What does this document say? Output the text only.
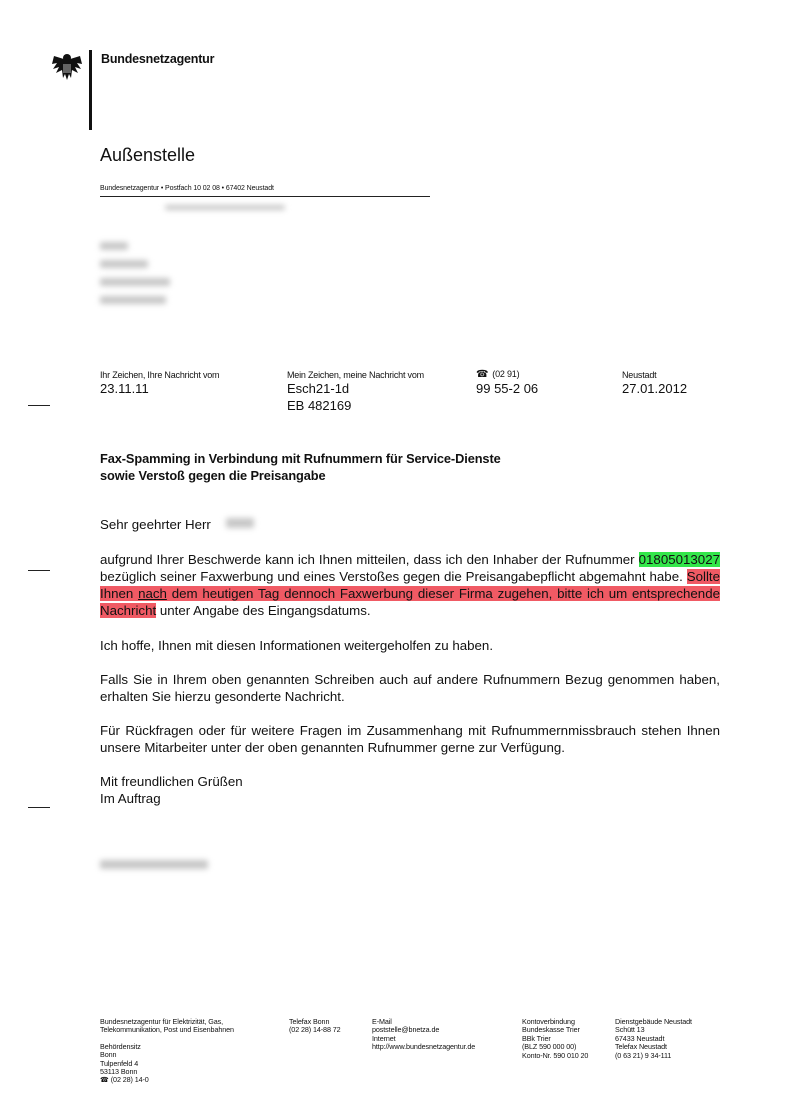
Bundesnetzagentur
Außenstelle
Bundesnetzagentur • Postfach 10 02 08 • 67402 Neustadt
Ihr Zeichen, Ihre Nachricht vom
23.11.11
Mein Zeichen, meine Nachricht vom
Esch21-1d
EB 482169
☎ (02 91)
99 55-2 06
Neustadt
27.01.2012
Fax-Spamming in Verbindung mit Rufnummern für Service-Dienste
sowie Verstoß gegen die Preisangabe
Sehr geehrter Herr
aufgrund Ihrer Beschwerde kann ich Ihnen mitteilen, dass ich den Inhaber der Rufnummer 01805013027 bezüglich seiner Faxwerbung und eines Verstoßes gegen die Preisangabepflicht abgemahnt habe. Sollte Ihnen nach dem heutigen Tag dennoch Faxwerbung dieser Firma zugehen, bitte ich um entsprechende Nachricht unter Angabe des Eingangsdatums.
Ich hoffe, Ihnen mit diesen Informationen weitergeholfen zu haben.
Falls Sie in Ihrem oben genannten Schreiben auch auf andere Rufnummern Bezug genommen haben, erhalten Sie hierzu gesonderte Nachricht.
Für Rückfragen oder für weitere Fragen im Zusammenhang mit Rufnummernmissbrauch stehen Ihnen unsere Mitarbeiter unter der oben genannten Rufnummer gerne zur Verfügung.
Mit freundlichen Grüßen
Im Auftrag
Bundesnetzagentur für Elektrizität, Gas,
Telekommunikation, Post und Eisenbahnen
Behördensitz
Bonn
Tulpenfeld 4
53113 Bonn
☎ (02 28) 14-0
Telefax Bonn
(02 28) 14-88 72
E-Mail
poststelle@bnetza.de
Internet
http://www.bundesnetzagentur.de
Kontoverbindung
Bundeskasse Trier
BBk Trier
(BLZ 590 000 00)
Konto-Nr. 590 010 20
Dienstgebäude Neustadt
Schütt 13
67433 Neustadt
Telefax Neustadt
(0 63 21) 9 34-111
